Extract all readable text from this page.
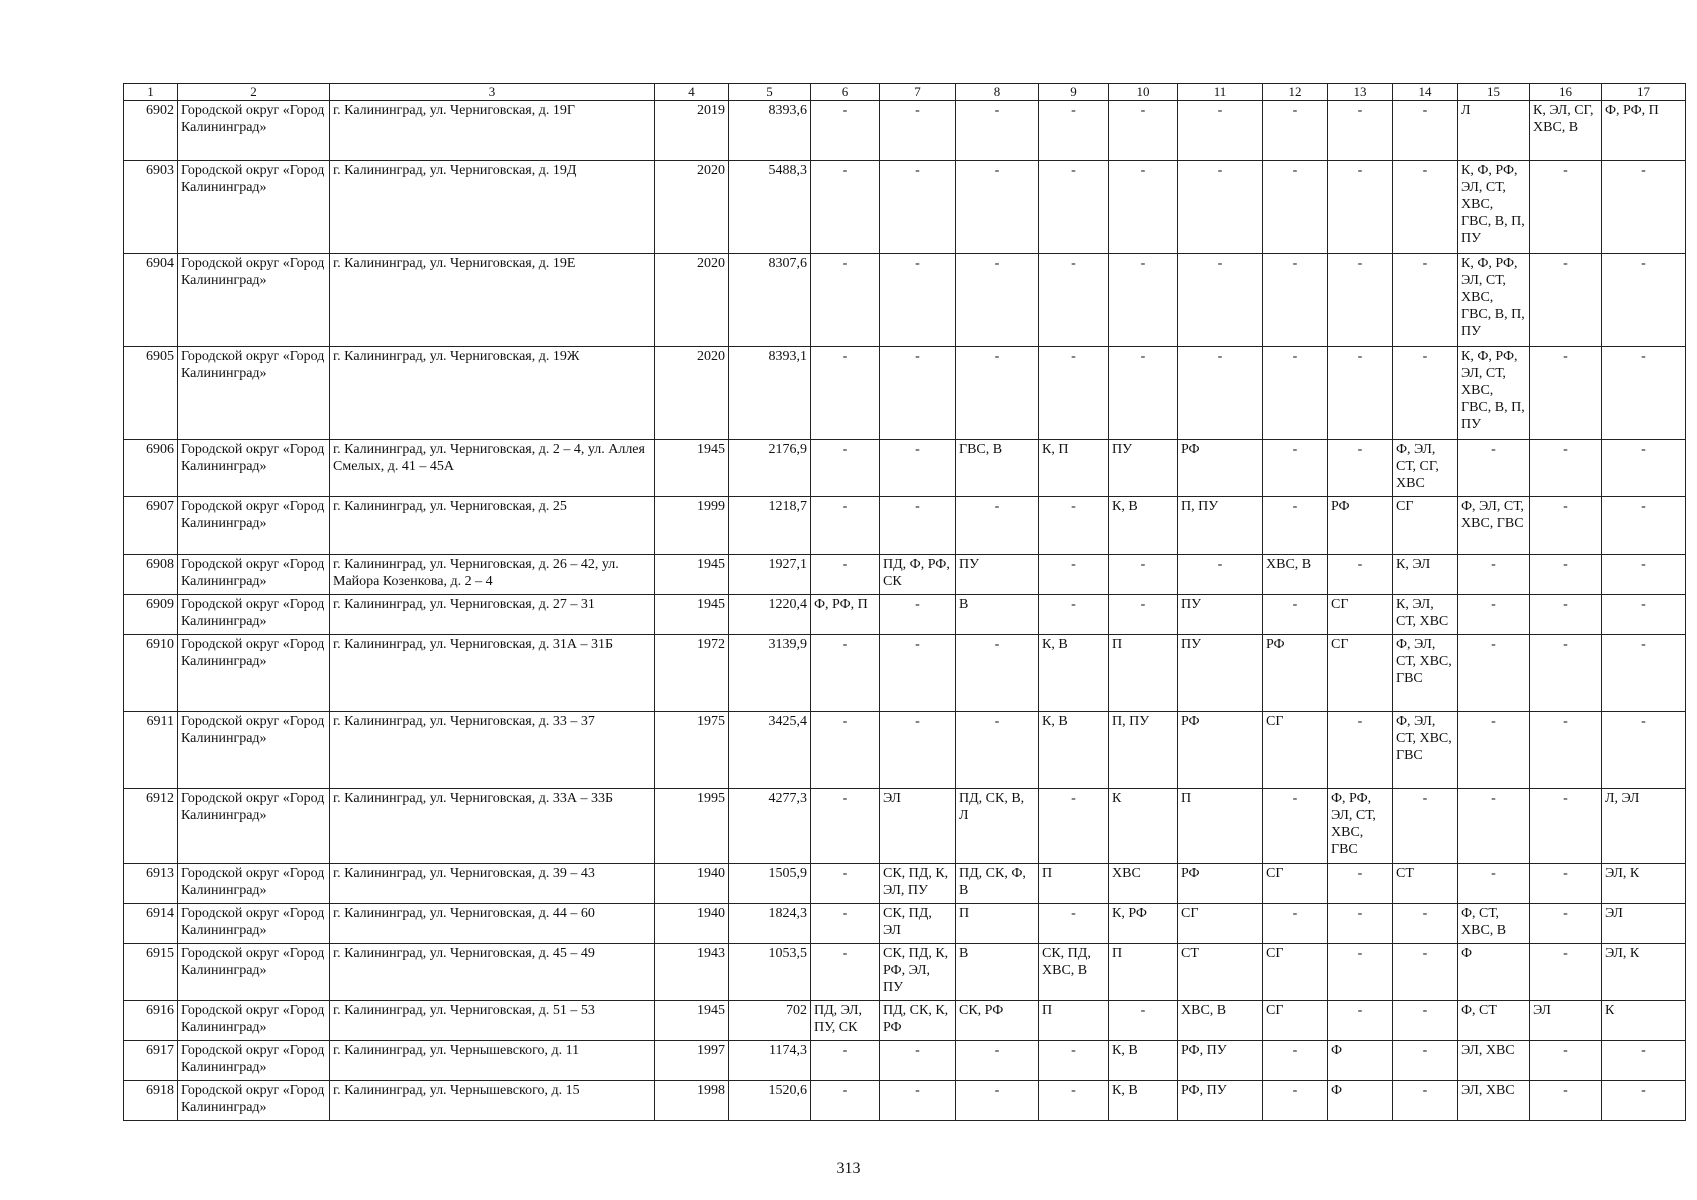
1	2	3	4	5	6	7	8	9	10	11	12	13	14	15	16	17
6902	Городской округ «Город Калининград»	г. Калининград, ул. Черниговская, д. 19Г	2019	8393,6	-	-	-	-	-	-	-	-	-	Л	К, ЭЛ, СГ, ХВС, В	Ф, РФ, П
6903	Городской округ «Город Калининград»	г. Калининград, ул. Черниговская, д. 19Д	2020	5488,3	-	-	-	-	-	-	-	-	-	К, Ф, РФ, ЭЛ, СТ, ХВС, ГВС, В, П, ПУ	-	-
6904	Городской округ «Город Калининград»	г. Калининград, ул. Черниговская, д. 19Е	2020	8307,6	-	-	-	-	-	-	-	-	-	К, Ф, РФ, ЭЛ, СТ, ХВС, ГВС, В, П, ПУ	-	-
6905	Городской округ «Город Калининград»	г. Калининград, ул. Черниговская, д. 19Ж	2020	8393,1	-	-	-	-	-	-	-	-	-	К, Ф, РФ, ЭЛ, СТ, ХВС, ГВС, В, П, ПУ	-	-
6906	Городской округ «Город Калининград»	г. Калининград, ул. Черниговская, д. 2 – 4, ул. Аллея Смелых, д. 41 – 45А	1945	2176,9	-	-	ГВС, В	К, П	ПУ	РФ	-	-	Ф, ЭЛ, СТ, СГ, ХВС	-	-	-
6907	Городской округ «Город Калининград»	г. Калининград, ул. Черниговская, д. 25	1999	1218,7	-	-	-	-	К, В	П, ПУ	-	РФ	СГ	Ф, ЭЛ, СТ, ХВС, ГВС	-	-
6908	Городской округ «Город Калининград»	г. Калининград, ул. Черниговская, д. 26 – 42, ул. Майора Козенкова, д. 2 – 4	1945	1927,1	-	ПД, Ф, РФ, СК	ПУ	-	-	-	ХВС, В	-	К, ЭЛ	-	-	-
6909	Городской округ «Город Калининград»	г. Калининград, ул. Черниговская, д. 27 – 31	1945	1220,4	Ф, РФ, П	-	В	-	-	ПУ	-	СГ	К, ЭЛ, СТ, ХВС	-	-	-
6910	Городской округ «Город Калининград»	г. Калининград, ул. Черниговская, д. 31А – 31Б	1972	3139,9	-	-	-	К, В	П	ПУ	РФ	СГ	Ф, ЭЛ, СТ, ХВС, ГВС	-	-	-
6911	Городской округ «Город Калининград»	г. Калининград, ул. Черниговская, д. 33 – 37	1975	3425,4	-	-	-	К, В	П, ПУ	РФ	СГ	-	Ф, ЭЛ, СТ, ХВС, ГВС	-	-	-
6912	Городской округ «Город Калининград»	г. Калининград, ул. Черниговская, д. 33А – 33Б	1995	4277,3	-	ЭЛ	ПД, СК, В, Л	-	К	П	-	Ф, РФ, ЭЛ, СТ, ХВС, ГВС	-	-	-	Л, ЭЛ
6913	Городской округ «Город Калининград»	г. Калининград, ул. Черниговская, д. 39 – 43	1940	1505,9	-	СК, ПД, К, ЭЛ, ПУ	ПД, СК, Ф, В	П	ХВС	РФ	СГ	-	СТ	-	-	ЭЛ, К
6914	Городской округ «Город Калининград»	г. Калининград, ул. Черниговская, д. 44 – 60	1940	1824,3	-	СК, ПД, ЭЛ	П	-	К, РФ	СГ	-	-	-	Ф, СТ, ХВС, В	-	ЭЛ
6915	Городской округ «Город Калининград»	г. Калининград, ул. Черниговская, д. 45 – 49	1943	1053,5	-	СК, ПД, К, РФ, ЭЛ, ПУ	В	СК, ПД, ХВС, В	П	СТ	СГ	-	-	Ф	-	ЭЛ, К
6916	Городской округ «Город Калининград»	г. Калининград, ул. Черниговская, д. 51 – 53	1945	702	ПД, ЭЛ, ПУ, СК	ПД, СК, К, РФ	СК, РФ	П	-	ХВС, В	СГ	-	-	Ф, СТ	ЭЛ	К
6917	Городской округ «Город Калининград»	г. Калининград, ул. Чернышевского, д. 11	1997	1174,3	-	-	-	-	К, В	РФ, ПУ	-	Ф	-	ЭЛ, ХВС	-	-
6918	Городской округ «Город Калининград»	г. Калининград, ул. Чернышевского, д. 15	1998	1520,6	-	-	-	-	К, В	РФ, ПУ	-	Ф	-	ЭЛ, ХВС	-	-
313
